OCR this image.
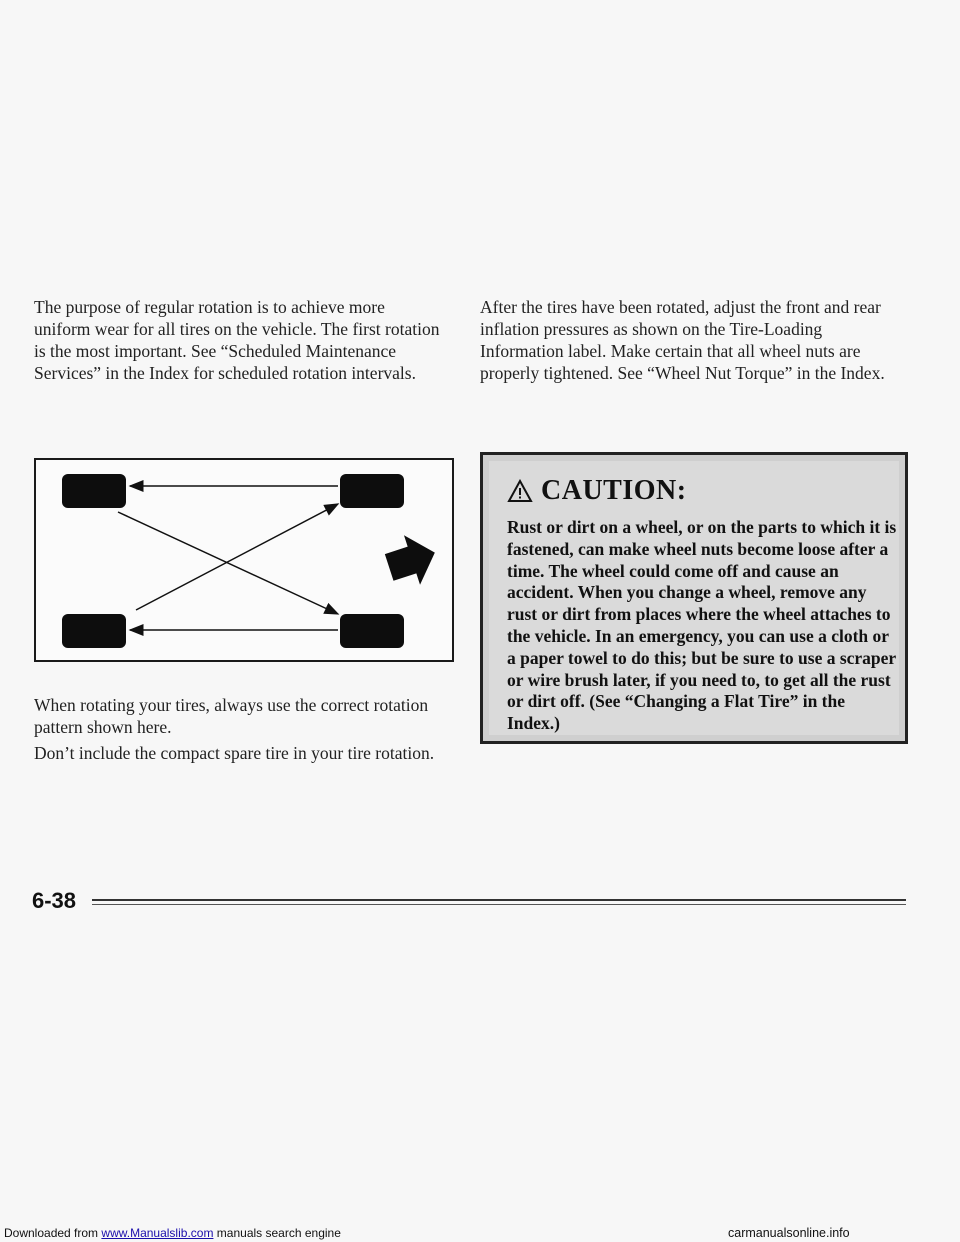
Downloaded from www.Manualslib.com manuals search engine

The purpose of regular rotation is to achieve more uniform wear for all tires on the vehicle. The first rotation is the most important. See “Scheduled Maintenance Services” in the Index for scheduled rotation intervals.

When rotating your tires, always use the correct rotation pattern shown here.

Don’t include the compact spare tire in your tire rotation.

After the tires have been rotated, adjust the front and rear inflation pressures as shown on the Tire-Loading Information label. Make certain that all wheel nuts are properly tightened. See “Wheel Nut Torque” in the Index.

CAUTION:

Rust or dirt on a wheel, or on the parts to which it is fastened, can make wheel nuts become loose after a time. The wheel could come off and cause an accident. When you change a wheel, remove any rust or dirt from places where the wheel attaches to the vehicle. In an emergency, you can use a cloth or a paper towel to do this; but be sure to use a scraper or wire brush later, if you need to, to get all the rust or dirt off. (See “Changing a Flat Tire” in the Index.)

6-38
carmanualsonline.info
